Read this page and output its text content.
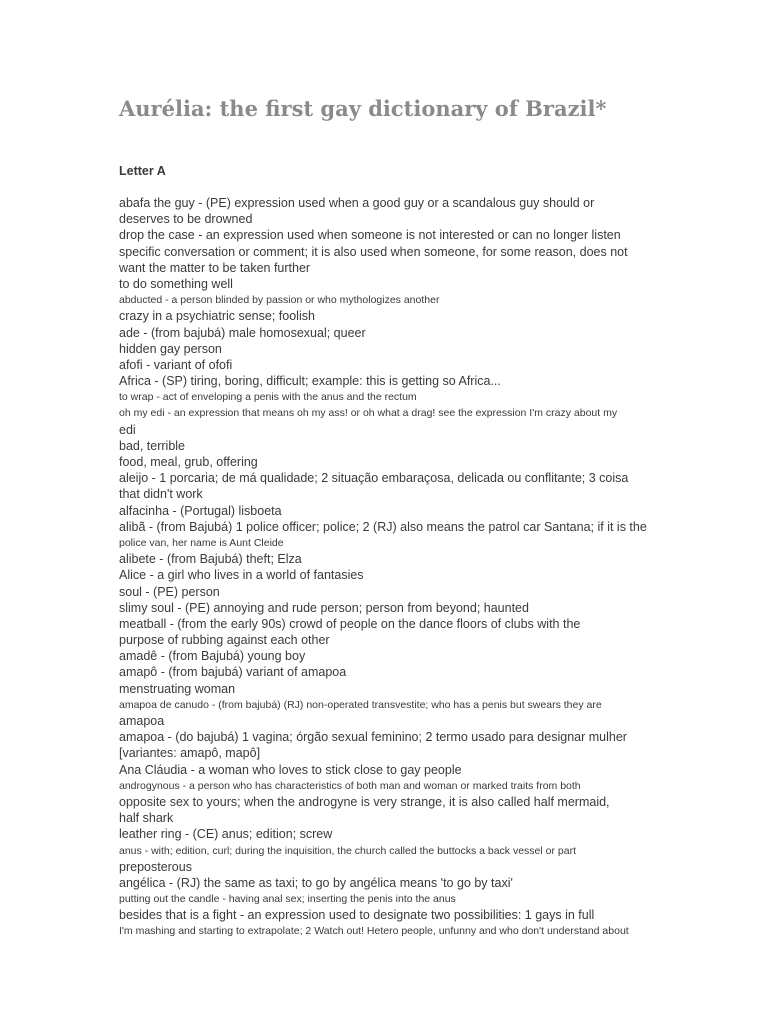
Aurélia: the first gay dictionary of Brazil*
Letter A
abafa the guy - (PE) expression used when a good guy or a scandalous guy should or
deserves to be drowned
drop the case - an expression used when someone is not interested or can no longer listen
specific conversation or comment; it is also used when someone, for some reason, does not
want the matter to be taken further
to do something well
abducted - a person blinded by passion or who mythologizes another
crazy in a psychiatric sense; foolish
ade - (from bajubá) male homosexual; queer
hidden gay person
afofi - variant of ofofi
Africa - (SP) tiring, boring, difficult; example: this is getting so Africa...
to wrap - act of enveloping a penis with the anus and the rectum
oh my edi - an expression that means oh my ass! or oh what a drag! see the expression I'm crazy about my
edi
bad, terrible
food, meal, grub, offering
aleijo - 1 porcaria; de má qualidade; 2 situação embaraçosa, delicada ou conflitante; 3 coisa
that didn't work
alfacinha - (Portugal) lisboeta
alibã - (from Bajubá) 1 police officer; police; 2 (RJ) also means the patrol car Santana; if it is the
police van, her name is Aunt Cleide
alibete - (from Bajubá) theft; Elza
Alice - a girl who lives in a world of fantasies
soul - (PE) person
slimy soul - (PE) annoying and rude person; person from beyond; haunted
meatball - (from the early 90s) crowd of people on the dance floors of clubs with the
purpose of rubbing against each other
amadê - (from Bajubá) young boy
amapô - (from bajubá) variant of amapoa
menstruating woman
amapoa de canudo - (from bajubá) (RJ) non-operated transvestite; who has a penis but swears they are
amapoa
amapoa - (do bajubá) 1 vagina; órgão sexual feminino; 2 termo usado para designar mulher
[variantes: amapô, mapô]
Ana Cláudia - a woman who loves to stick close to gay people
androgynous - a person who has characteristics of both man and woman or marked traits from both
opposite sex to yours; when the androgyne is very strange, it is also called half mermaid,
half shark
leather ring - (CE) anus; edition; screw
anus - with; edition, curl; during the inquisition, the church called the buttocks a back vessel or part
preposterous
angélica - (RJ) the same as taxi; to go by angélica means 'to go by taxi'
putting out the candle - having anal sex; inserting the penis into the anus
besides that is a fight - an expression used to designate two possibilities: 1 gays in full
I'm mashing and starting to extrapolate; 2 Watch out! Hetero people, unfunny and who don't understand about
